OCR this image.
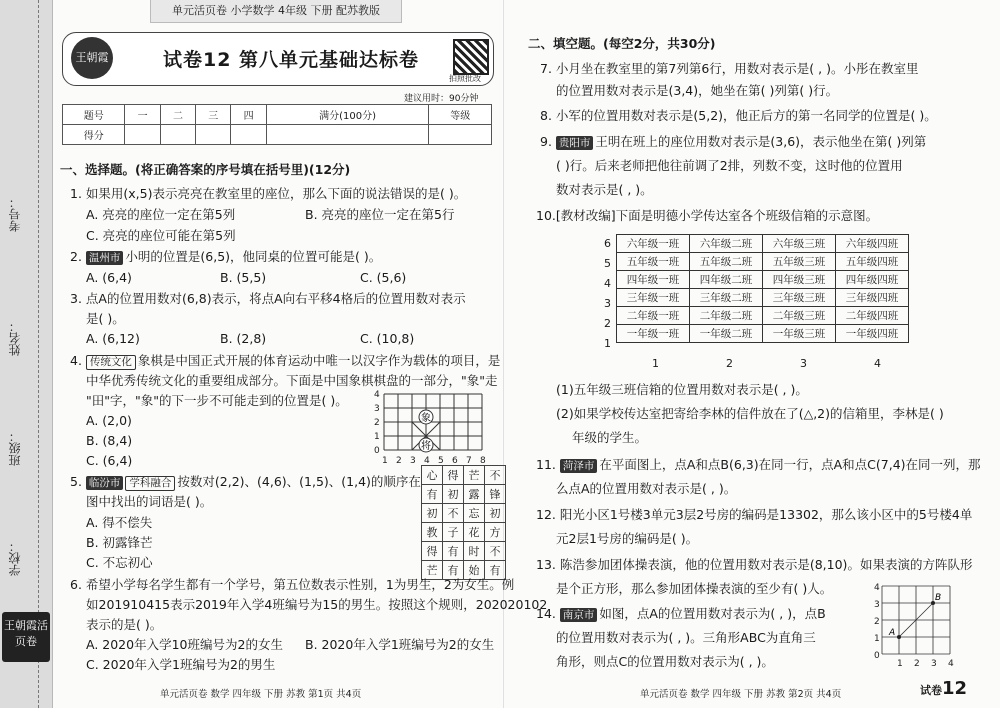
考号：
姓名：
班级：
学校：
王朝霞活页卷
单元活页卷 小学数学 4年级 下册 配苏教版
王朝霞	试卷12 第八单元基础达标卷
拍照批改
建议用时：90分钟
题号	一	二	三	四	满分(100分)	等级
得分						
一、选择题。(将正确答案的序号填在括号里)(12分)
1. 如果用(x,5)表示亮亮在教室里的座位，那么下面的说法错误的是( )。
A. 亮亮的座位一定在第5列	B. 亮亮的座位一定在第5行
C. 亮亮的座位可能在第5列
2. 温州市 小明的位置是(6,5)，他同桌的位置可能是( )。
A. (6,4)	B. (5,5)	C. (5,6)
3. 点A的位置用数对(6,8)表示，将点A向右平移4格后的位置用数对表示
是( )。
A. (6,12)	B. (2,8)	C. (10,8)
4. 传统文化 象棋是中国正式开展的体育运动中唯一以汉字作为载体的项目，是
中华优秀传统文化的重要组成部分。下面是中国象棋棋盘的一部分，"象"走
"田"字，"象"的下一步不可能走到的位置是( )。
A. (2,0)
B. (8,4)
C. (6,4)
象
将
0
1
2
3
4
1 2 3 4 5 6 7 8
5. 临汾市 学科融合 按数对(2,2)、(4,6)、(1,5)、(1,4)的顺序在
图中找出的词语是( )。
A. 得不偿失
B. 初露锋芒
C. 不忘初心
心	得	芒	不
有	初	露	锋
初	不	忘	初
教	子	花	方
得	有	时	不
芒	有	始	有
6. 希望小学每名学生都有一个学号，第五位数表示性别，1为男生，2为女生。例
如201910415表示2019年入学4班编号为15的男生。按照这个规则，202020102
表示的是( )。
A. 2020年入学10班编号为2的女生 B. 2020年入学1班编号为2的女生
C. 2020年入学1班编号为2的男生
单元活页卷 数学 四年级 下册 苏教 第1页 共4页
二、填空题。(每空2分，共30分)
7. 小月坐在教室里的第7列第6行，用数对表示是( , )。小彤在教室里
的位置用数对表示是(3,4)，她坐在第( )列第( )行。
8. 小军的位置用数对表示是(5,2)，他正后方的第一名同学的位置是( )。
9. 贵阳市 王明在班上的座位用数对表示是(3,6)，表示他坐在第( )列第
( )行。后来老师把他往前调了2排，列数不变，这时他的位置用
数对表示是( , )。
10.[教材改编]下面是明德小学传达室各个班级信箱的示意图。
6
5
4
3
2
1
六年级一班	六年级二班	六年级三班	六年级四班
五年级一班	五年级二班	五年级三班	五年级四班
四年级一班	四年级二班	四年级三班	四年级四班
三年级一班	三年级二班	三年级三班	三年级四班
二年级一班	二年级二班	二年级三班	二年级四班
一年级一班	一年级二班	一年级三班	一年级四班
1	2	3	4
(1)五年级三班信箱的位置用数对表示是( , )。
(2)如果学校传达室把寄给李林的信件放在了(△,2)的信箱里，李林是( )
年级的学生。
11. 菏泽市 在平面图上，点A和点B(6,3)在同一行，点A和点C(7,4)在同一列，那
么点A的位置用数对表示是( , )。
12. 阳光小区1号楼3单元3层2号房的编码是13302，那么该小区中的5号楼4单
元2层1号房的编码是( )。
13. 陈浩参加团体操表演，他的位置用数对表示是(8,10)。如果表演的方阵队形
是个正方形，那么参加团体操表演的至少有( )人。
14. 南京市 如图，点A的位置用数对表示为( , )，点B
的位置用数对表示为( , )。三角形ABC为直角三
角形，则点C的位置用数对表示为( , )。
A
B
0
1
2
3
4
1 2 3 4
单元活页卷 数学 四年级 下册 苏教 第2页 共4页	试卷12
